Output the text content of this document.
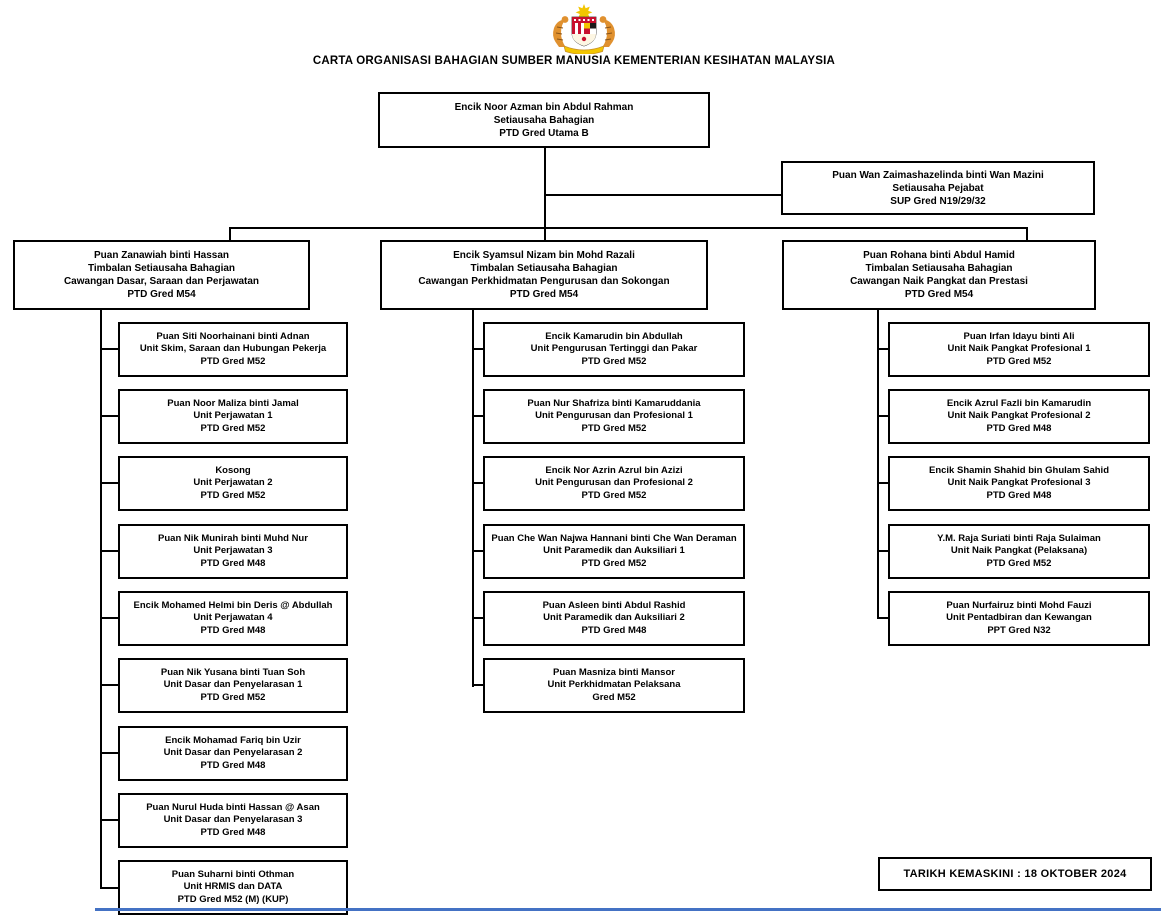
CARTA ORGANISASI BAHAGIAN SUMBER MANUSIA KEMENTERIAN KESIHATAN MALAYSIA
Encik Noor Azman bin Abdul Rahman
Setiausaha Bahagian
PTD Gred Utama B
Puan Wan Zaimashazelinda binti Wan Mazini
Setiausaha Pejabat
SUP Gred N19/29/32
Puan Zanawiah binti Hassan
Timbalan Setiausaha Bahagian
Cawangan Dasar, Saraan dan Perjawatan
PTD Gred M54
Encik Syamsul Nizam bin Mohd Razali
Timbalan Setiausaha Bahagian
Cawangan Perkhidmatan Pengurusan dan Sokongan
PTD Gred M54
Puan Rohana binti Abdul Hamid
Timbalan Setiausaha Bahagian
Cawangan Naik Pangkat dan Prestasi
PTD Gred M54
Puan Siti Noorhainani binti Adnan
Unit Skim, Saraan dan Hubungan Pekerja
PTD Gred M52
Puan Noor Maliza binti Jamal
Unit Perjawatan 1
PTD Gred M52
Kosong
Unit Perjawatan 2
PTD Gred M52
Puan Nik Munirah binti Muhd Nur
Unit Perjawatan 3
PTD Gred M48
Encik Mohamed Helmi bin Deris @ Abdullah
Unit Perjawatan 4
PTD Gred M48
Puan Nik Yusana binti Tuan Soh
Unit Dasar dan Penyelarasan 1
PTD Gred M52
Encik Mohamad Fariq bin Uzir
Unit Dasar dan Penyelarasan 2
PTD Gred M48
Puan Nurul Huda binti Hassan @ Asan
Unit Dasar dan Penyelarasan 3
PTD Gred M48
Puan Suharni binti Othman
Unit HRMIS dan DATA
PTD Gred M52 (M) (KUP)
Encik Kamarudin bin Abdullah
Unit Pengurusan Tertinggi dan Pakar
PTD Gred M52
Puan Nur Shafriza binti Kamaruddania
Unit Pengurusan dan Profesional 1
PTD Gred M52
Encik Nor Azrin Azrul bin Azizi
Unit Pengurusan dan Profesional 2
PTD Gred M52
Puan Che Wan Najwa Hannani binti Che Wan Deraman
Unit Paramedik dan Auksiliari 1
PTD Gred M52
Puan Asleen binti Abdul Rashid
Unit Paramedik dan Auksiliari 2
PTD Gred M48
Puan Masniza binti Mansor
Unit Perkhidmatan Pelaksana
Gred M52
Puan Irfan Idayu binti Ali
Unit Naik Pangkat Profesional 1
PTD Gred M52
Encik Azrul Fazli bin Kamarudin
Unit Naik Pangkat Profesional 2
PTD Gred M48
Encik Shamin Shahid bin Ghulam Sahid
Unit Naik Pangkat Profesional 3
PTD Gred M48
Y.M. Raja Suriati binti Raja Sulaiman
Unit Naik Pangkat (Pelaksana)
PTD Gred M52
Puan Nurfairuz binti Mohd Fauzi
Unit Pentadbiran dan Kewangan
PPT Gred N32
TARIKH KEMASKINI : 18 OKTOBER 2024
